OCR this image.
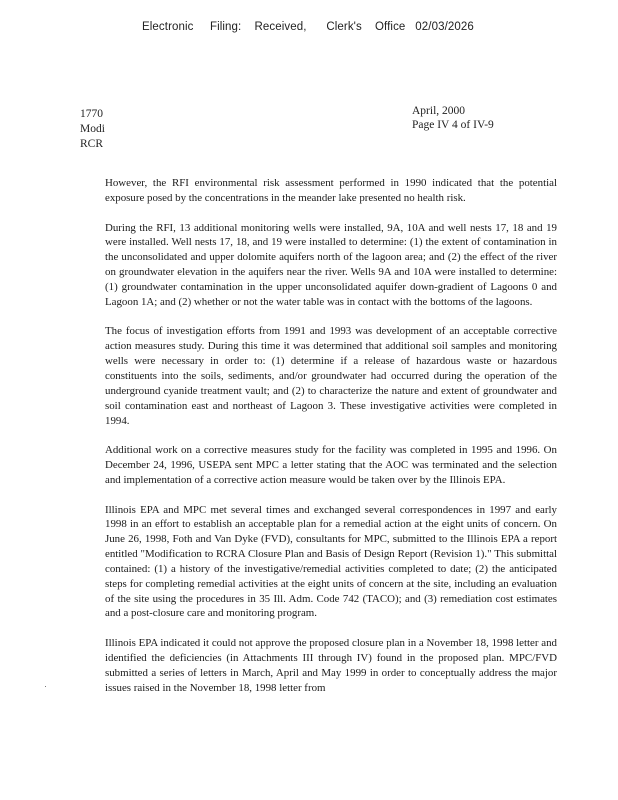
Electronic     Filing:    Received,      Clerk's    Office   02/03/2026
1770
Modi
RCR
April, 2000
Page IV 4 of IV-9

However, the RFI environmental risk assessment performed in 1990 indicated that the potential exposure posed by the concentrations in the meander lake presented no health risk.

During the RFI, 13 additional monitoring wells were installed, 9A, 10A and well nests 17, 18 and 19 were installed. Well nests 17, 18, and 19 were installed to determine: (1) the extent of contamination in the unconsolidated and upper dolomite aquifers north of the lagoon area; and (2) the effect of the river on groundwater elevation in the aquifers near the river. Wells 9A and 10A were installed to determine: (1) groundwater contamination in the upper unconsolidated aquifer down-gradient of Lagoons 0 and Lagoon 1A; and (2) whether or not the water table was in contact with the bottoms of the lagoons.

The focus of investigation efforts from 1991 and 1993 was development of an acceptable corrective action measures study. During this time it was determined that additional soil samples and monitoring wells were necessary in order to: (1) determine if a release of hazardous waste or hazardous constituents into the soils, sediments, and/or groundwater had occurred during the operation of the underground cyanide treatment vault; and (2) to characterize the nature and extent of groundwater and soil contamination east and northeast of Lagoon 3. These investigative activities were completed in 1994.

Additional work on a corrective measures study for the facility was completed in 1995 and 1996. On December 24, 1996, USEPA sent MPC a letter stating that the AOC was terminated and the selection and implementation of a corrective action measure would be taken over by the Illinois EPA.

Illinois EPA and MPC met several times and exchanged several correspondences in 1997 and early 1998 in an effort to establish an acceptable plan for a remedial action at the eight units of concern. On June 26, 1998, Foth and Van Dyke (FVD), consultants for MPC, submitted to the Illinois EPA a report entitled "Modification to RCRA Closure Plan and Basis of Design Report (Revision 1)." This submittal contained: (1) a history of the investigative/remedial activities completed to date; (2) the anticipated steps for completing remedial activities at the eight units of concern at the site, including an evaluation of the site using the procedures in 35 Ill. Adm. Code 742 (TACO); and (3) remediation cost estimates and a post-closure care and monitoring program.

Illinois EPA indicated it could not approve the proposed closure plan in a November 18, 1998 letter and identified the deficiencies (in Attachments III through IV) found in the proposed plan. MPC/FVD submitted a series of letters in March, April and May 1999 in order to conceptually address the major issues raised in the November 18, 1998 letter from
